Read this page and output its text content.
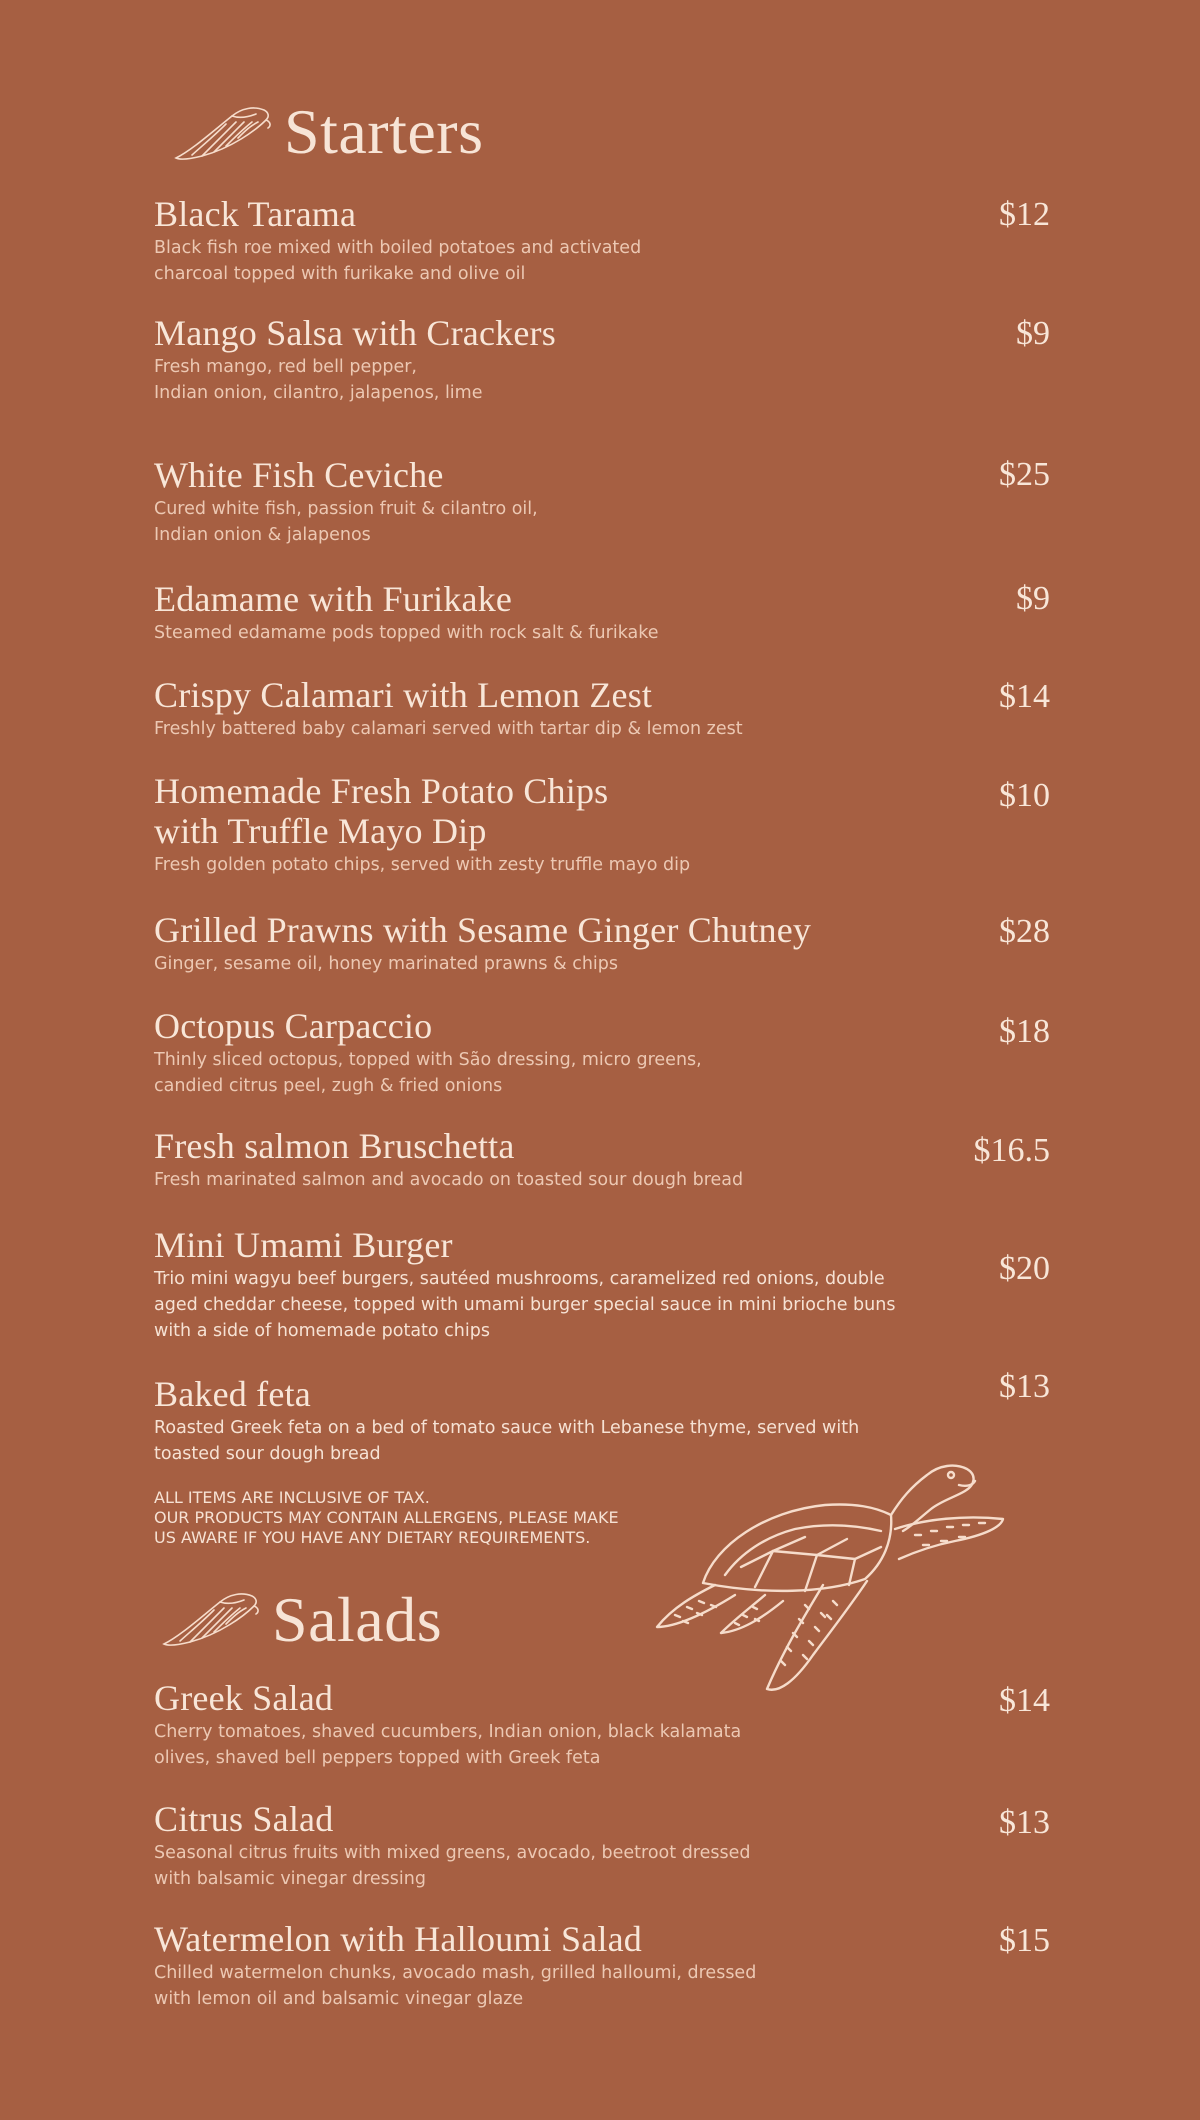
Starters
Black Tarama
Black fish roe mixed with boiled potatoes and activated
charcoal topped with furikake and olive oil
$12
Mango Salsa with Crackers
Fresh mango, red bell pepper,
Indian onion, cilantro, jalapenos, lime
$9
White Fish Ceviche
Cured white fish, passion fruit & cilantro oil,
Indian onion & jalapenos
$25
Edamame with Furikake
Steamed edamame pods topped with rock salt & furikake
$9
Crispy Calamari with Lemon Zest
Freshly battered baby calamari served with tartar dip & lemon zest
$14
Homemade Fresh Potato Chips
with Truffle Mayo Dip
Fresh golden potato chips, served with zesty truffle mayo dip
$10
Grilled Prawns with Sesame Ginger Chutney
Ginger, sesame oil, honey marinated prawns & chips
$28
Octopus Carpaccio
Thinly sliced octopus, topped with São dressing, micro greens,
candied citrus peel, zugh & fried onions
$18
Fresh salmon Bruschetta
Fresh marinated salmon and avocado on toasted sour dough bread
$16.5
Mini Umami Burger
Trio mini wagyu beef burgers, sautéed mushrooms, caramelized red onions, double
aged cheddar cheese, topped with umami burger special sauce in mini brioche buns
with a side of homemade potato chips
$20
Baked feta
Roasted Greek feta on a bed of tomato sauce with Lebanese thyme, served with
toasted sour dough bread
$13
ALL ITEMS ARE INCLUSIVE OF TAX.
OUR PRODUCTS MAY CONTAIN ALLERGENS, PLEASE MAKE
US AWARE IF YOU HAVE ANY DIETARY REQUIREMENTS.
Salads
Greek Salad
Cherry tomatoes, shaved cucumbers, Indian onion, black kalamata
olives, shaved bell peppers topped with Greek feta
$14
Citrus Salad
Seasonal citrus fruits with mixed greens, avocado, beetroot dressed
with balsamic vinegar dressing
$13
Watermelon with Halloumi Salad
Chilled watermelon chunks, avocado mash, grilled halloumi, dressed
with lemon oil and balsamic vinegar glaze
$15
